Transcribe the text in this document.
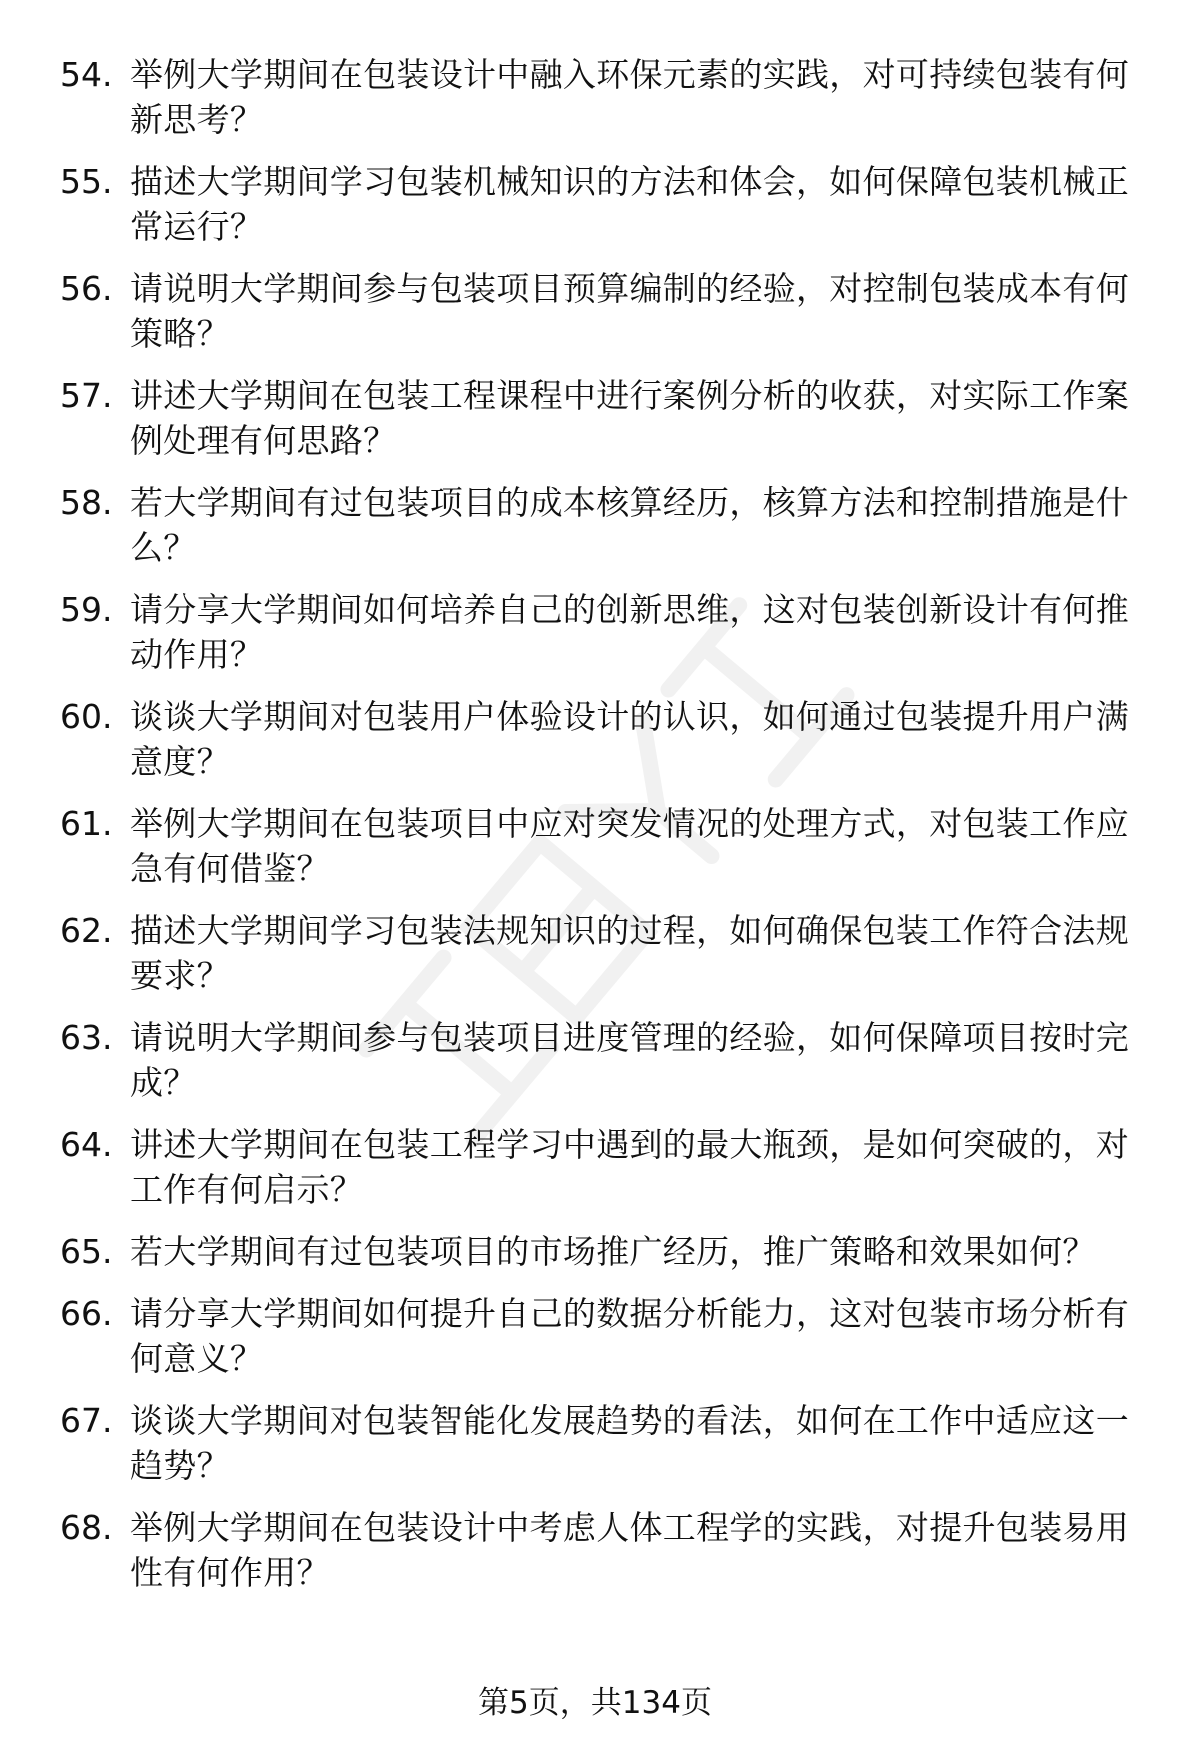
54. 举例大学期间在包装设计中融入环保元素的实践，对可持续包装有何新思考？
55. 描述大学期间学习包装机械知识的方法和体会，如何保障包装机械正常运行？
56. 请说明大学期间参与包装项目预算编制的经验，对控制包装成本有何策略？
57. 讲述大学期间在包装工程课程中进行案例分析的收获，对实际工作案例处理有何思路？
58. 若大学期间有过包装项目的成本核算经历，核算方法和控制措施是什么？
59. 请分享大学期间如何培养自己的创新思维，这对包装创新设计有何推动作用？
60. 谈谈大学期间对包装用户体验设计的认识，如何通过包装提升用户满意度？
61. 举例大学期间在包装项目中应对突发情况的处理方式，对包装工作应急有何借鉴？
62. 描述大学期间学习包装法规知识的过程，如何确保包装工作符合法规要求？
63. 请说明大学期间参与包装项目进度管理的经验，如何保障项目按时完成？
64. 讲述大学期间在包装工程学习中遇到的最大瓶颈，是如何突破的，对工作有何启示？
65. 若大学期间有过包装项目的市场推广经历，推广策略和效果如何？
66. 请分享大学期间如何提升自己的数据分析能力，这对包装市场分析有何意义？
67. 谈谈大学期间对包装智能化发展趋势的看法，如何在工作中适应这一趋势？
68. 举例大学期间在包装设计中考虑人体工程学的实践，对提升包装易用性有何作用？
第5页，共134页
